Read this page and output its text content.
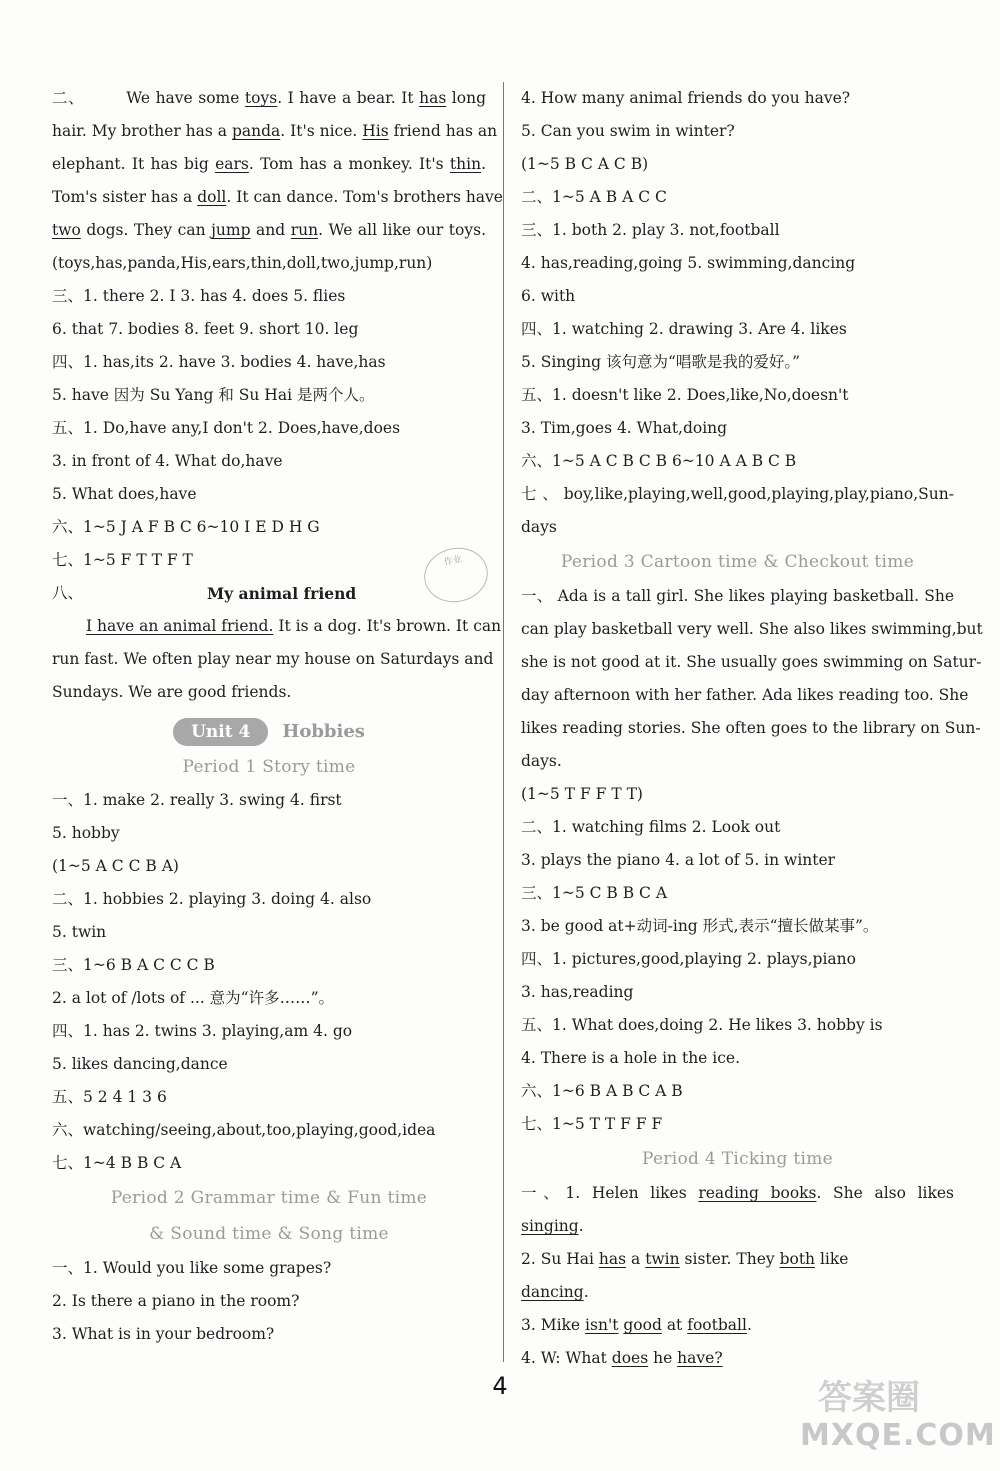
二、	We have some toys. I have a bear. It has long
hair. My brother has a panda. It's nice. His friend has an
elephant. It has big ears. Tom has a monkey. It's thin.
Tom's sister has a doll. It can dance. Tom's brothers have
two dogs. They can jump and run. We all like our toys.
(toys,has,panda,His,ears,thin,doll,two,jump,run)
三、1. there 2. I 3. has 4. does 5. flies
6. that 7. bodies 8. feet 9. short 10. leg
四、1. has,its 2. have 3. bodies 4. have,has
5. have 因为 Su Yang 和 Su Hai 是两个人。
五、1. Do,have any,I don't 2. Does,have,does
3. in front of 4. What do,have
5. What does,have
六、1~5 J A F B C 6~10 I E D H G
七、1~5 F T T F T
八、	My animal friend
I have an animal friend. It is a dog. It's brown. It can
run fast. We often play near my house on Saturdays and
Sundays. We are good friends.
Unit 4 Hobbies
Period 1 Story time
一、1. make 2. really 3. swing 4. first
5. hobby
(1~5 A C C B A)
二、1. hobbies 2. playing 3. doing 4. also
5. twin
三、1~6 B A C C C B
2. a lot of /lots of ... 意为“许多……”。
四、1. has 2. twins 3. playing,am 4. go
5. likes dancing,dance
五、5 2 4 1 3 6
六、watching/seeing,about,too,playing,good,idea
七、1~4 B B C A
Period 2 Grammar time & Fun time
& Sound time & Song time
一、1. Would you like some grapes?
2. Is there a piano in the room?
3. What is in your bedroom?
4. How many animal friends do you have?
5. Can you swim in winter?
(1~5 B C A C B)
二、1~5 A B A C C
三、1. both 2. play 3. not,football
4. has,reading,going 5. swimming,dancing
6. with
四、1. watching 2. drawing 3. Are 4. likes
5. Singing 该句意为“唱歌是我的爱好。”
五、1. doesn't like 2. Does,like,No,doesn't
3. Tim,goes 4. What,doing
六、1~5 A C B C B 6~10 A A B C B
七、boy,like,playing,well,good,playing,play,piano,Sun-
days
Period 3 Cartoon time & Checkout time
一、 Ada is a tall girl. She likes playing basketball. She
can play basketball very well. She also likes swimming,but
she is not good at it. She usually goes swimming on Satur-
day afternoon with her father. Ada likes reading too. She
likes reading stories. She often goes to the library on Sun-
days.
(1~5 T F F T T)
二、1. watching films 2. Look out
3. plays the piano 4. a lot of 5. in winter
三、1~5 C B B C A
3. be good at+动词-ing 形式,表示“擅长做某事”。
四、1. pictures,good,playing 2. plays,piano
3. has,reading
五、1. What does,doing 2. He likes 3. hobby is
4. There is a hole in the ice.
六、1~6 B A B C A B
七、1~5 T T F F F
Period 4 Ticking time
一、1. Helen likes reading books. She also likes
singing.
2. Su Hai has a twin sister. They both like
dancing.
3. Mike isn't good at football.
4. W: What does he have?
作业
4	答案圈
MXQE.COM
